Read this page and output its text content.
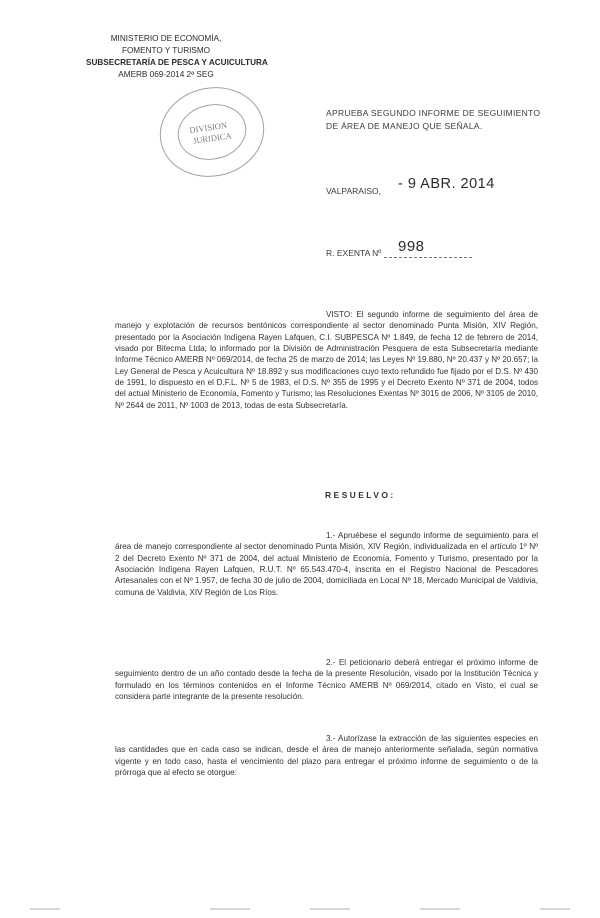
MINISTERIO DE ECONOMÍA,
FOMENTO Y TURISMO
SUBSECRETARÍA DE PESCA Y ACUICULTURA
AMERB 069-2014 2ª SEG
DIVISION
JURIDICA
APRUEBA SEGUNDO INFORME DE SEGUIMIENTO
DE ÁREA DE MANEJO QUE SEÑALA.
VALPARAISO, - 9 ABR. 2014
R. EXENTA Nº 998
VISTO: El segundo informe de seguimiento del área de manejo y explotación de recursos bentónicos correspondiente al sector denominado Punta Misión, XIV Región, presentado por la Asociación Indígena Rayen Lafquen, C.I. SUBPESCA Nº 1.849, de fecha 12 de febrero de 2014, visado por Bitecma Ltda; lo informado por la División de Administración Pesquera de esta Subsecretaría mediante Informe Técnico AMERB Nº 069/2014, de fecha 25 de marzo de 2014; las Leyes Nº 19.880, Nº 20.437 y Nº 20.657; la Ley General de Pesca y Acuicultura Nº 18.892 y sus modificaciones cuyo texto refundido fue fijado por el D.S. Nº 430 de 1991, lo dispuesto en el D.F.L. Nº 5 de 1983, el D.S. Nº 355 de 1995 y el Decreto Exento Nº 371 de 2004, todos del actual Ministerio de Economía, Fomento y Turismo; las Resoluciones Exentas Nº 3015 de 2006, Nº 3105 de 2010, Nº 2644 de 2011, Nº 1003 de 2013, todas de esta Subsecretaría.
RESUELVO:
1.- Apruébese el segundo informe de seguimiento para el área de manejo correspondiente al sector denominado Punta Misión, XIV Región, individualizada en el artículo 1º Nº 2 del Decreto Exento Nº 371 de 2004, del actual Ministerio de Economía, Fomento y Turismo, presentado por la Asociación Indígena Rayen Lafquen, R.U.T. Nº 65.543.470-4, inscrita en el Registro Nacional de Pescadores Artesanales con el Nº 1.957, de fecha 30 de julio de 2004, domiciliada en Local Nº 18, Mercado Municipal de Valdivia, comuna de Valdivia, XIV Región de Los Ríos.
2.- El peticionario deberá entregar el próximo informe de seguimiento dentro de un año contado desde la fecha de la presente Resolución, visado por la Institución Técnica y formulado en los términos contenidos en el Informe Técnico AMERB Nº 069/2014, citado en Visto, el cual se considera parte integrante de la presente resolución.
3.- Autorízase la extracción de las siguientes especies en las cantidades que en cada caso se indican, desde el área de manejo anteriormente señalada, según normativa vigente y en todo caso, hasta el vencimiento del plazo para entregar el próximo informe de seguimiento o de la prórroga que al efecto se otorgue:
